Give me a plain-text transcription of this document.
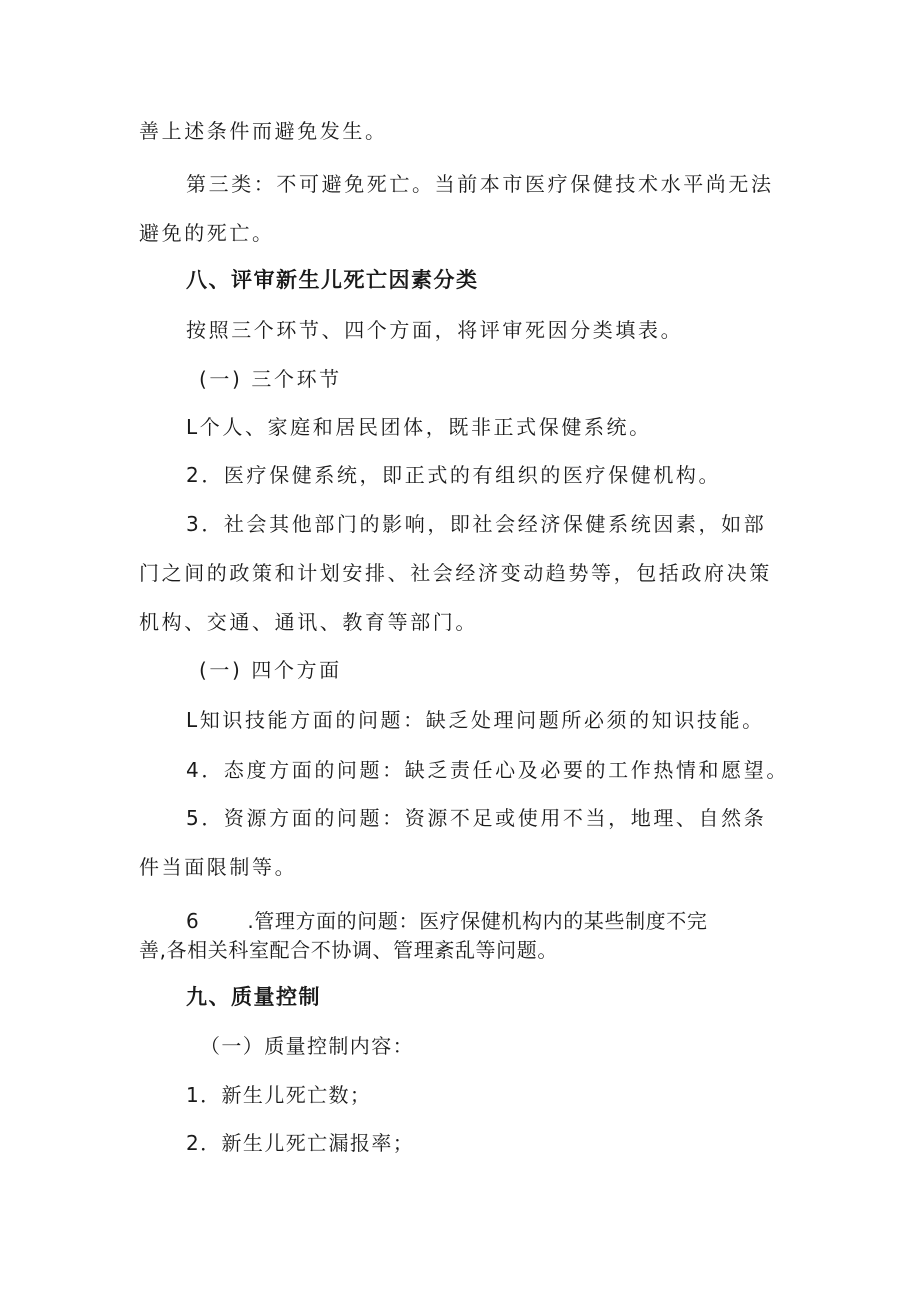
善上述条件而避免发生。
第三类：不可避免死亡。当前本市医疗保健技术水平尚无法
避免的死亡。
八、评审新生儿死亡因素分类
按照三个环节、四个方面，将评审死因分类填表。
(一) 三个环节
L个人、家庭和居民团体，既非正式保健系统。
2．医疗保健系统，即正式的有组织的医疗保健机构。
3．社会其他部门的影响，即社会经济保健系统因素，如部
门之间的政策和计划安排、社会经济变动趋势等，包括政府决策
机构、交通、通讯、教育等部门。
(一) 四个方面
L知识技能方面的问题：缺乏处理问题所必须的知识技能。
4．态度方面的问题：缺乏责任心及必要的工作热情和愿望。
5．资源方面的问题：资源不足或使用不当，地理、自然条
件当面限制等。
6 .管理方面的问题：医疗保健机构内的某些制度不完
善,各相关科室配合不协调、管理紊乱等问题。
九、质量控制
（一）质量控制内容：
1．新生儿死亡数；
2．新生儿死亡漏报率；
